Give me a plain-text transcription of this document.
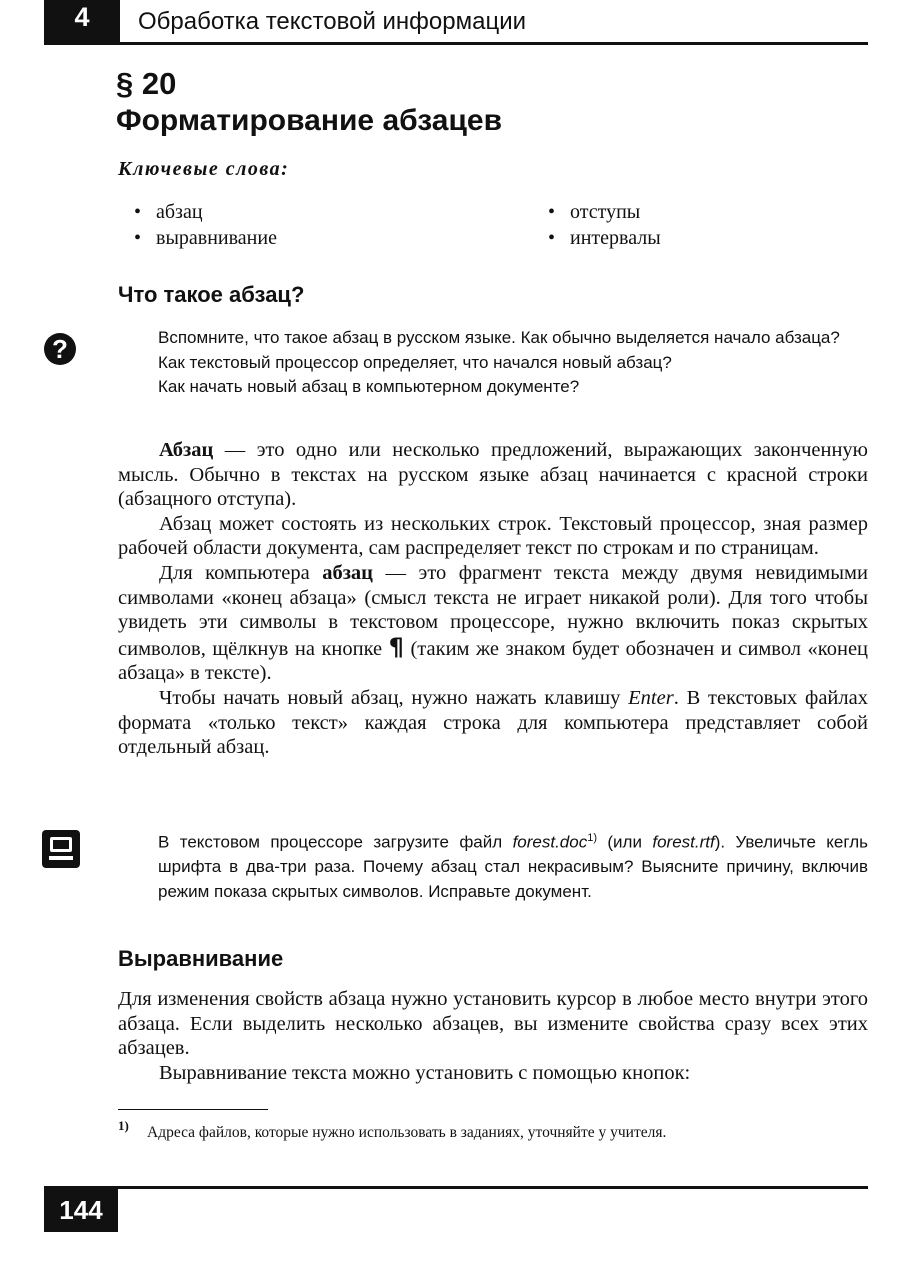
4	Обработка текстовой информации
§ 20
Форматирование абзацев
Ключевые слова:
• абзац
• выравнивание
• отступы
• интервалы
Что такое абзац?
?	Вспомните, что такое абзац в русском языке. Как обычно выделяется начало абзаца?

Как текстовый процессор определяет, что начался новый абзац?

Как начать новый абзац в компьютерном документе?

Абзац — это одно или несколько предложений, выражающих законченную мысль. Обычно в текстах на русском языке абзац начинается с красной строки (абзацного отступа).

Абзац может состоять из нескольких строк. Текстовый процессор, зная размер рабочей области документа, сам распределяет текст по строкам и по страницам.

Для компьютера абзац — это фрагмент текста между двумя невидимыми символами «конец абзаца» (смысл текста не играет никакой роли). Для того чтобы увидеть эти символы в текстовом процессоре, нужно включить показ скрытых символов, щёлкнув на кнопке ¶ (таким же знаком будет обозначен и символ «конец абзаца» в тексте).

Чтобы начать новый абзац, нужно нажать клавишу Enter. В текстовых файлах формата «только текст» каждая строка для компьютера представляет собой отдельный абзац.

В текстовом процессоре загрузите файл forest.doc$^{1)}$ (или forest.rtf). Увеличьте кегль шрифта в два-три раза. Почему абзац стал некрасивым? Выясните причину, включив режим показа скрытых символов. Исправьте документ.

Выравнивание

Для изменения свойств абзаца нужно установить курсор в любое место внутри этого абзаца. Если выделить несколько абзацев, вы измените свойства сразу всех этих абзацев.

Выравнивание текста можно установить с помощью кнопок:

1) Адреса файлов, которые нужно использовать в заданиях, уточняйте у учителя.
144
